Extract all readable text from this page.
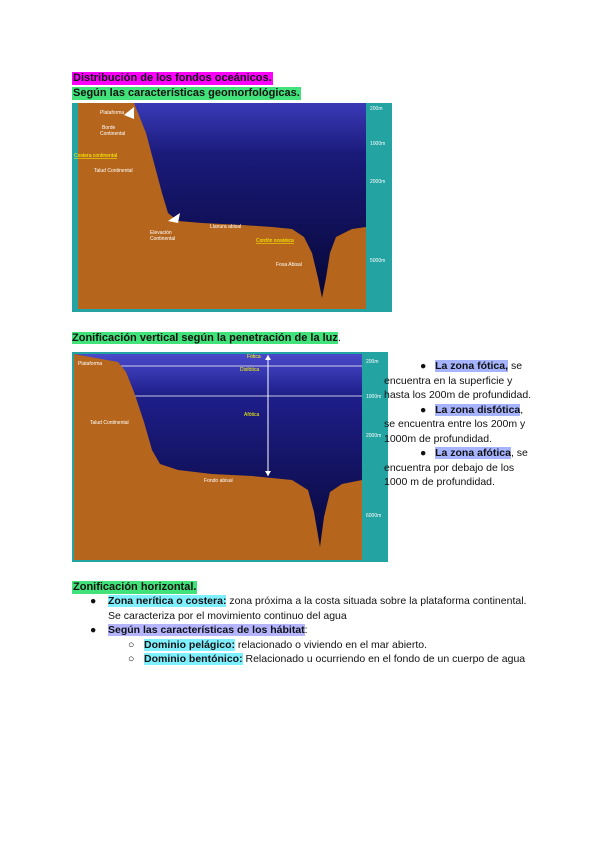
Distribución de los fondos oceánicos.
Según las características geomorfológicas.
Plataforma
Borde
Continental
Costera continental
Talud Continental
Elevación
Continental
Llanura abisal
Cordón oceánica
Fosa Abisal
200m
1000m
2000m
5000m
Zonificación vertical según la penetración de la luz.
Plataforma
Fótica
Disfótica
Afótica
Talud Continental
Fondo abisal
200m
1000m
2000m
6000m
●   La zona fótica, se encuentra en la superficie y hasta los 200m de profundidad.
●   La zona disfótica, se encuentra entre los 200m y 1000m de profundidad.
●   La zona afótica, se encuentra por debajo de los 1000 m de profundidad.
Zonificación horizontal.
● Zona nerítica o costera: zona próxima a la costa situada sobre la plataforma continental. Se caracteriza por el movimiento continuo del agua
● Según las características de los hábitat:
○ Dominio pelágico: relacionado o viviendo en el mar abierto.
○ Dominio bentónico: Relacionado u ocurriendo en el fondo de un cuerpo de agua
